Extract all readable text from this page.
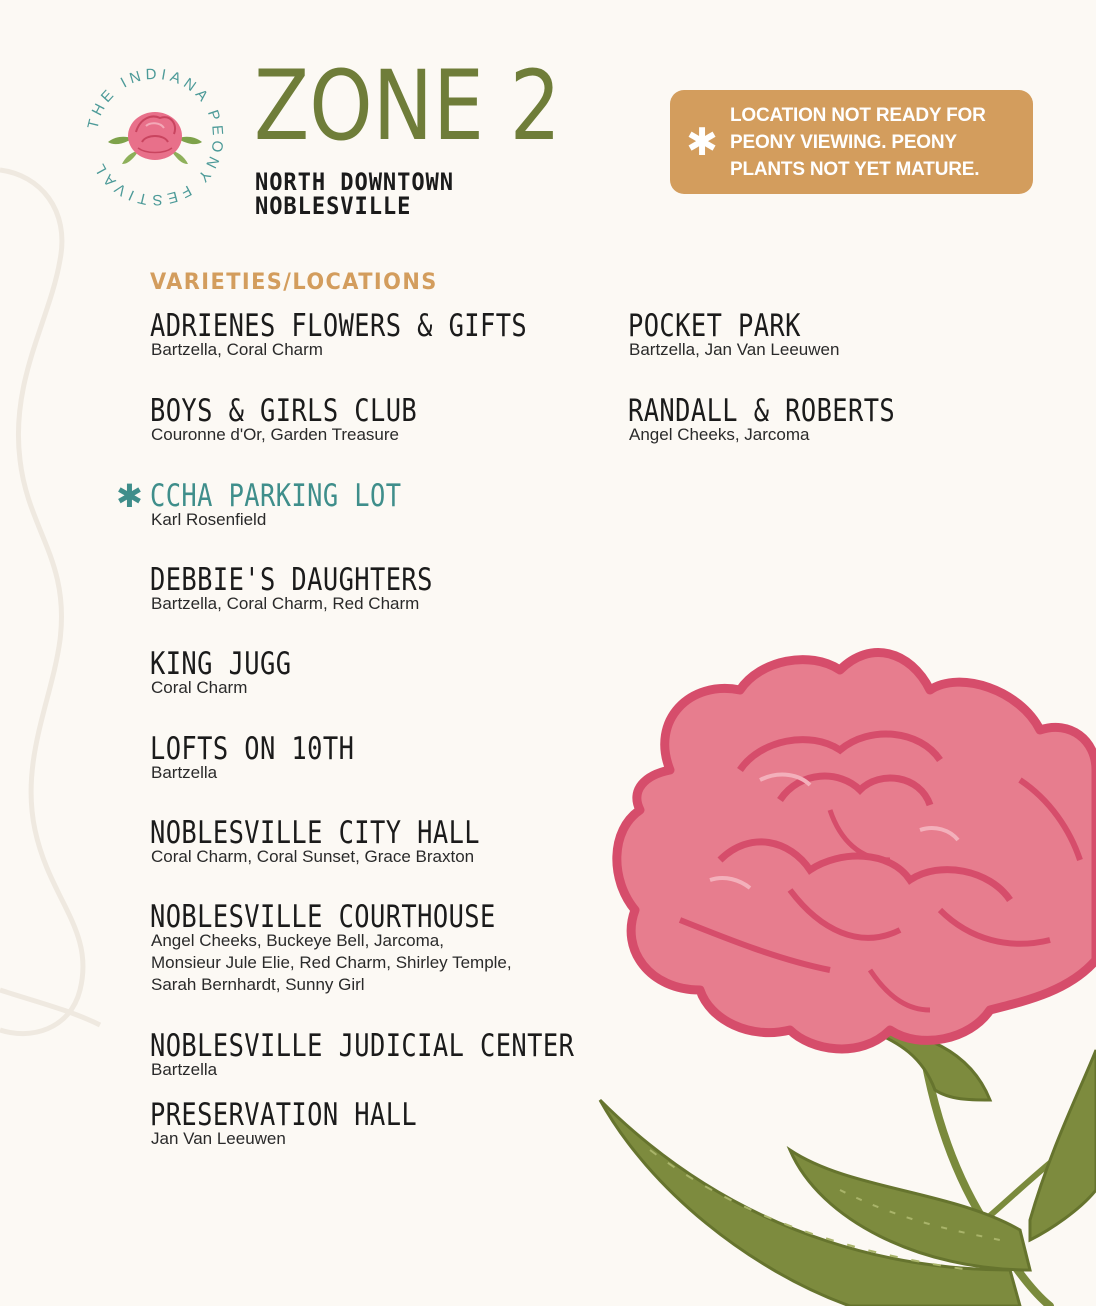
THE INDIANA PEONY FESTIVAL
ZONE 2
NORTH DOWNTOWN
NOBLESVILLE
✱
LOCATION NOT READY FOR PEONY VIEWING. PEONY PLANTS NOT YET MATURE.
VARIETIES/LOCATIONS
ADRIENES FLOWERS & GIFTS
Bartzella, Coral Charm
BOYS & GIRLS CLUB
Couronne d'Or, Garden Treasure
✱ CCHA PARKING LOT
Karl Rosenfield
DEBBIE'S DAUGHTERS
Bartzella, Coral Charm, Red Charm
KING JUGG
Coral Charm
LOFTS ON 10TH
Bartzella
NOBLESVILLE CITY HALL
Coral Charm, Coral Sunset, Grace Braxton
NOBLESVILLE COURTHOUSE
Angel Cheeks, Buckeye Bell, Jarcoma,
Monsieur Jule Elie, Red Charm, Shirley Temple,
Sarah Bernhardt, Sunny Girl
NOBLESVILLE JUDICIAL CENTER
Bartzella
PRESERVATION HALL
Jan Van Leeuwen
POCKET PARK
Bartzella, Jan Van Leeuwen
RANDALL & ROBERTS
Angel Cheeks, Jarcoma
